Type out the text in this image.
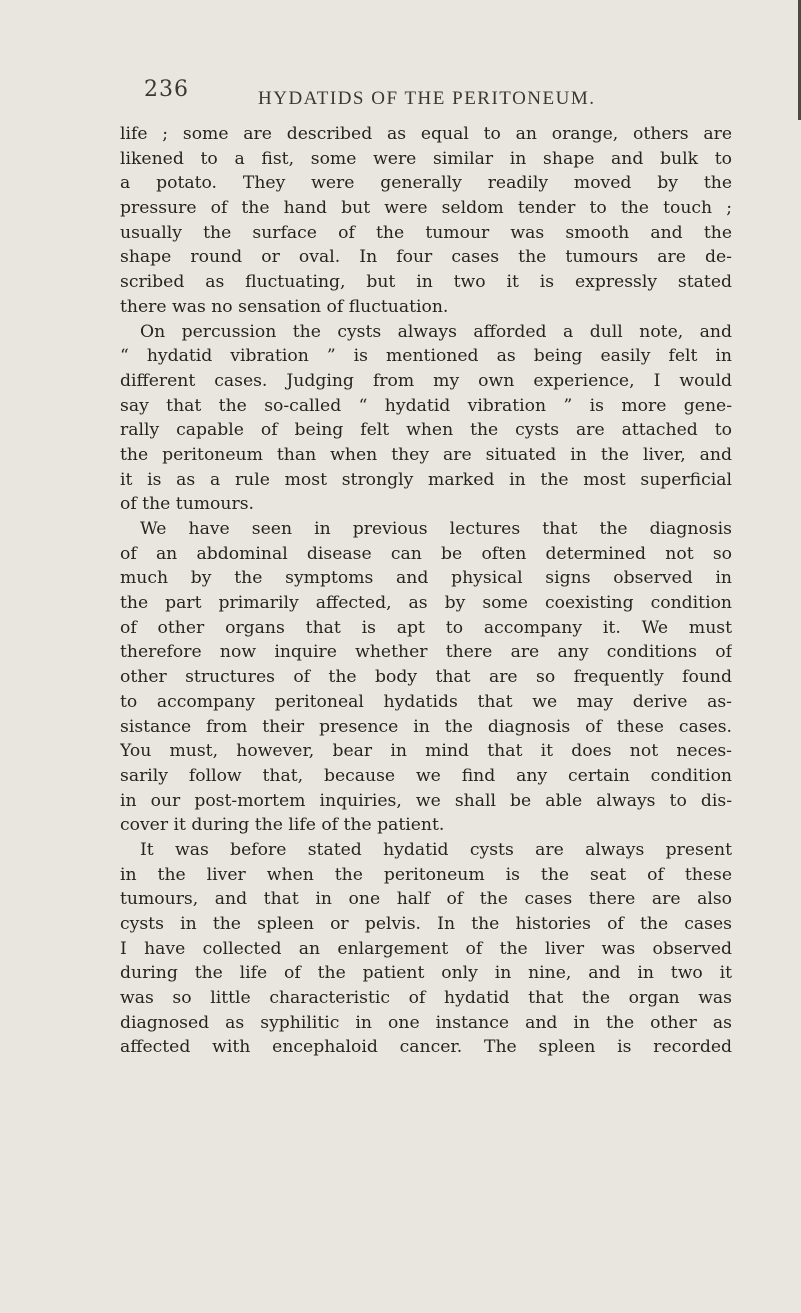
236	HYDATIDS OF THE PERITONEUM.
life ; some are described as equal to an orange, others are
likened to a fist, some were similar in shape and bulk to
a potato. They were generally readily moved by the
pressure of the hand but were seldom tender to the touch ;
usually the surface of the tumour was smooth and the
shape round or oval. In four cases the tumours are de-
scribed as fluctuating, but in two it is expressly stated
there was no sensation of fluctuation.
On percussion the cysts always afforded a dull note, and
“ hydatid vibration ” is mentioned as being easily felt in
different cases. Judging from my own experience, I would
say that the so-called “ hydatid vibration ” is more gene-
rally capable of being felt when the cysts are attached to
the peritoneum than when they are situated in the liver, and
it is as a rule most strongly marked in the most superficial
of the tumours.
We have seen in previous lectures that the diagnosis
of an abdominal disease can be often determined not so
much by the symptoms and physical signs observed in
the part primarily affected, as by some coexisting condition
of other organs that is apt to accompany it. We must
therefore now inquire whether there are any conditions of
other structures of the body that are so frequently found
to accompany peritoneal hydatids that we may derive as-
sistance from their presence in the diagnosis of these cases.
You must, however, bear in mind that it does not neces-
sarily follow that, because we find any certain condition
in our post-mortem inquiries, we shall be able always to dis-
cover it during the life of the patient.
It was before stated hydatid cysts are always present
in the liver when the peritoneum is the seat of these
tumours, and that in one half of the cases there are also
cysts in the spleen or pelvis. In the histories of the cases
I have collected an enlargement of the liver was observed
during the life of the patient only in nine, and in two it
was so little characteristic of hydatid that the organ was
diagnosed as syphilitic in one instance and in the other as
affected with encephaloid cancer. The spleen is recorded
